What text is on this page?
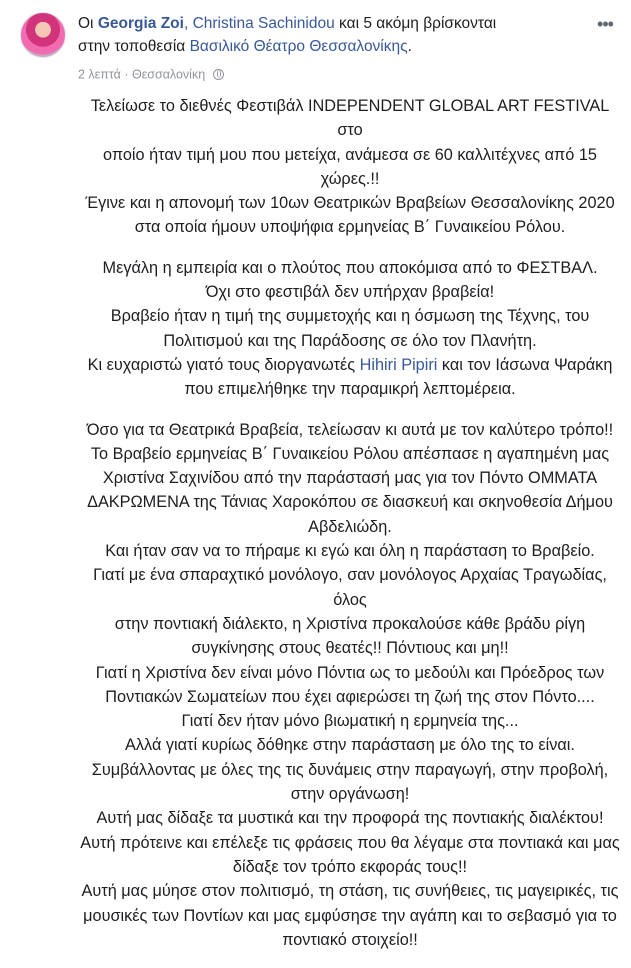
Οι Georgia Zoi, Christina Sachinidou και 5 ακόμη βρίσκονται
στην τοποθεσία Βασιλικό Θέατρο Θεσσαλονίκης.
2 λεπτά · Θεσσαλονίκη
•••

Τελείωσε το διεθνές Φεστιβάλ INDEPENDENT GLOBAL ART FESTIVAL στο
οποίο ήταν τιμή μου που μετείχα, ανάμεσα σε 60 καλλιτέχνες από 15
χώρες.!!
Έγινε και η απονομή των 10ων Θεατρικών Βραβείων Θεσσαλονίκης 2020
στα οποία ήμουν υποψήφια ερμηνείας Β΄ Γυναικείου Ρόλου.

Μεγάλη η εμπειρία και ο πλούτος που αποκόμισα από το ΦΕΣΤΒΑΛ.
Όχι στο φεστιβάλ δεν υπήρχαν βραβεία!
Βραβείο ήταν η τιμή της συμμετοχής και η όσμωση της Τέχνης, του
Πολιτισμού και της Παράδοσης σε όλο τον Πλανήτη.
Κι ευχαριστώ γιατό τους διοργανωτές Hihiri Pipiri και τον Ιάσωνα Ψαράκη
που επιμελήθηκε την παραμικρή λεπτομέρεια.

Όσο για τα Θεατρικά Βραβεία, τελείωσαν κι αυτά με τον καλύτερο τρόπο!!
Το Βραβείο ερμηνείας Β΄ Γυναικείου Ρόλου απέσπασε η αγαπημένη μας
Χριστίνα Σαχινίδου από την παράστασή μας για τον Πόντο ΟΜΜΑΤΑ
ΔΑΚΡΩΜΕΝΑ της Τάνιας Χαροκόπου σε διασκευή και σκηνοθεσία Δήμου
Αβδελιώδη.
Και ήταν σαν να το πήραμε κι εγώ και όλη η παράσταση το Βραβείο.
Γιατί με ένα σπαραχτικό μονόλογο, σαν μονόλογος Αρχαίας Τραγωδίας, όλος
στην ποντιακή διάλεκτο, η Χριστίνα προκαλούσε κάθε βράδυ ρίγη
συγκίνησης στους θεατές!! Πόντιους και μη!!
Γιατί η Χριστίνα δεν είναι μόνο Πόντια ως το μεδούλι και Πρόεδρος των
Ποντιακών Σωματείων που έχει αφιερώσει τη ζωή της στον Πόντο....
Γιατί δεν ήταν μόνο βιωματική η ερμηνεία της...
Αλλά γιατί κυρίως δόθηκε στην παράσταση με όλο της το είναι.
Συμβάλλοντας με όλες της τις δυνάμεις στην παραγωγή, στην προβολή,
στην οργάνωση!
Αυτή μας δίδαξε τα μυστικά και την προφορά της ποντιακής διαλέκτου!
Αυτή πρότεινε και επέλεξε τις φράσεις που θα λέγαμε στα ποντιακά και μας
δίδαξε τον τρόπο εκφοράς τους!!
Αυτή μας μύησε στον πολιτισμό, τη στάση, τις συνήθειες, τις μαγειρικές, τις
μουσικές των Ποντίων και μας εμφύσησε την αγάπη και το σεβασμό για το
ποντιακό στοιχείο!!
